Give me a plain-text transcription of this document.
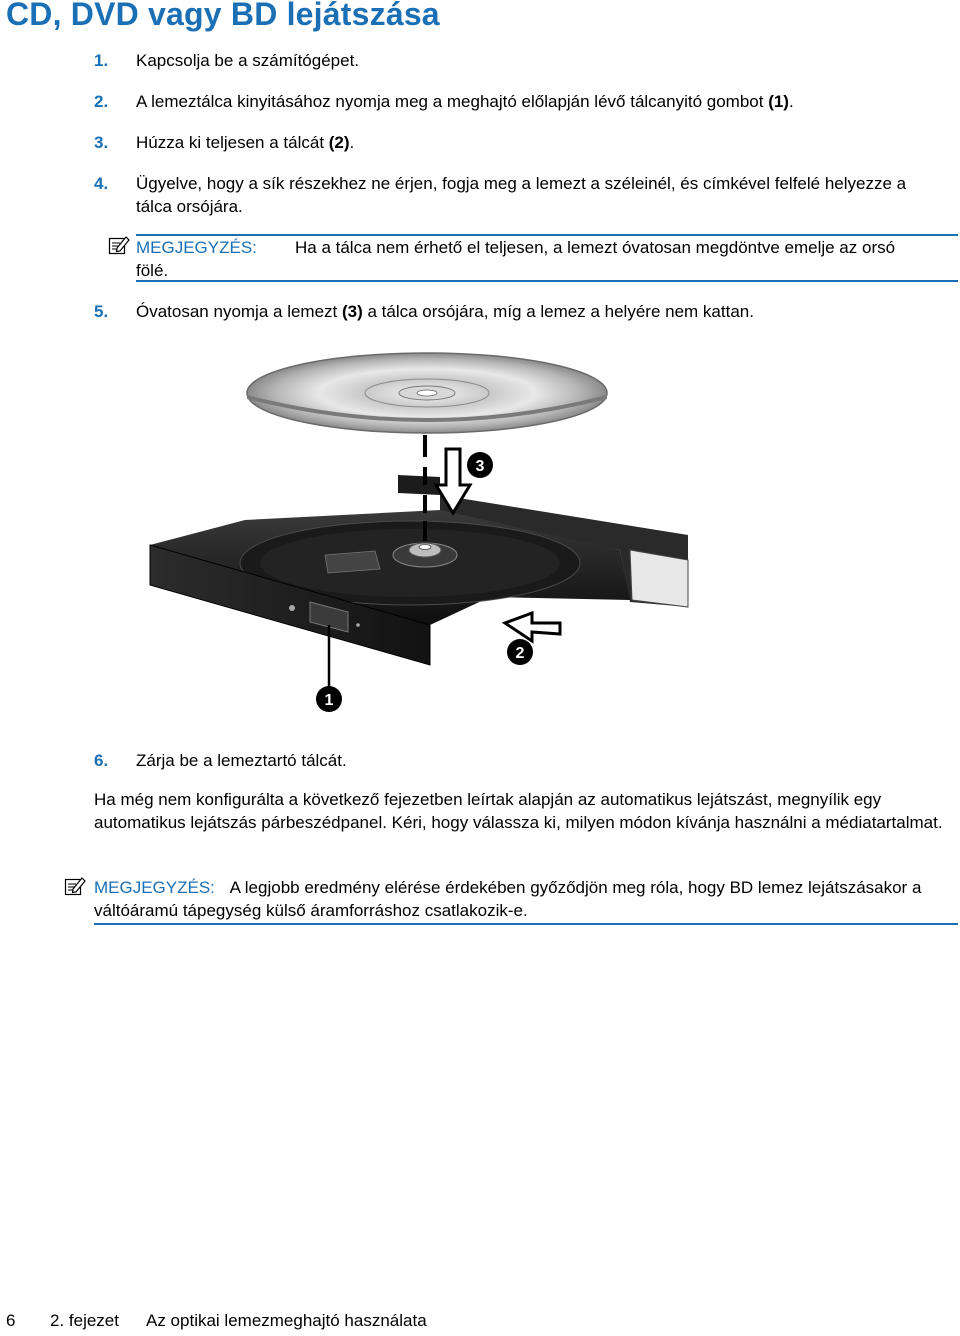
CD, DVD vagy BD lejátszása
1. Kapcsolja be a számítógépet.
2. A lemeztálca kinyitásához nyomja meg a meghajtó előlapján lévő tálcanyitó gombot (1).
3. Húzza ki teljesen a tálcát (2).
4. Ügyelve, hogy a sík részekhez ne érjen, fogja meg a lemezt a széleinél, és címkével felfelé helyezze a tálca orsójára.
MEGJEGYZÉS: Ha a tálca nem érhető el teljesen, a lemezt óvatosan megdöntve emelje az orsó
fölé.
5. Óvatosan nyomja a lemezt (3) a tálca orsójára, míg a lemez a helyére nem kattan.
1
2
3
6. Zárja be a lemeztartó tálcát.
Ha még nem konfigurálta a következő fejezetben leírtak alapján az automatikus lejátszást, megnyílik egy automatikus lejátszás párbeszédpanel. Kéri, hogy válassza ki, milyen módon kívánja használni a médiatartalmat.
MEGJEGYZÉS: A legjobb eredmény elérése érdekében győződjön meg róla, hogy BD lemez lejátszásakor a váltóáramú tápegység külső áramforráshoz csatlakozik-e.
6 2. fejezet Az optikai lemezmeghajtó használata
